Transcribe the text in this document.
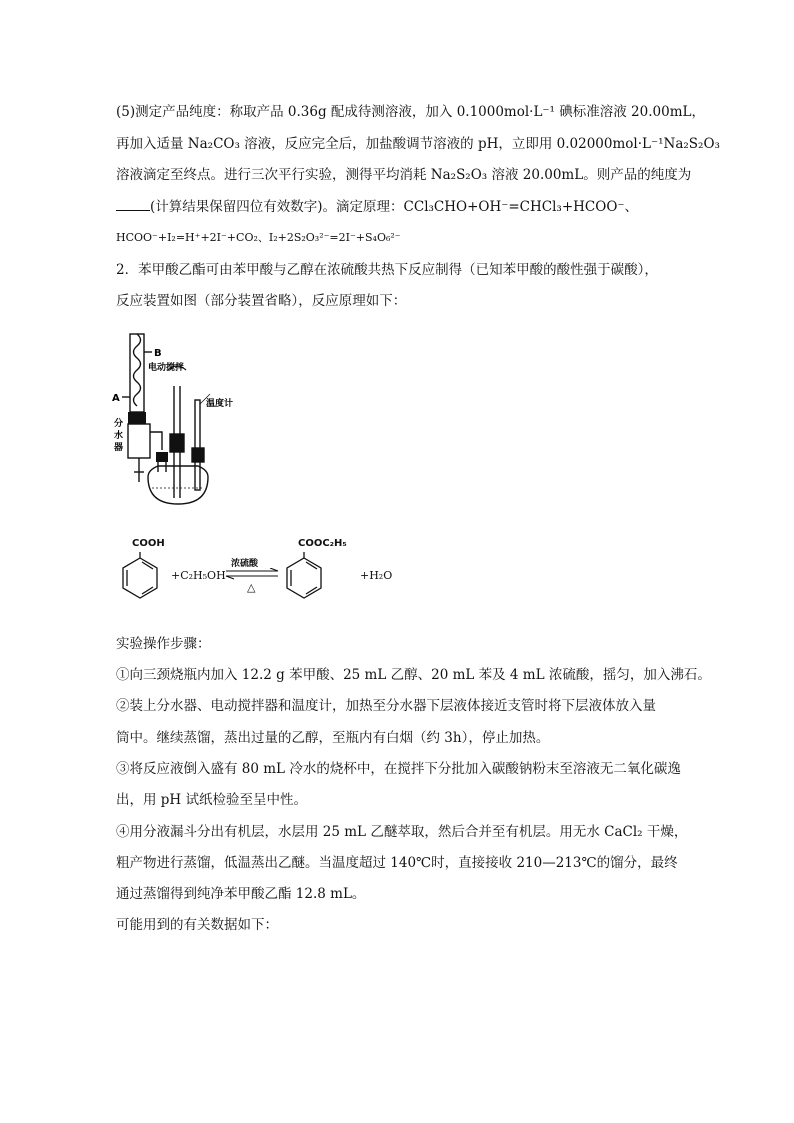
(5)测定产品纯度：称取产品 0.36g 配成待测溶液，加入 0.1000mol·L⁻¹ 碘标准溶液 20.00mL，
再加入适量 Na₂CO₃ 溶液，反应完全后，加盐酸调节溶液的 pH，立即用 0.02000mol·L⁻¹Na₂S₂O₃
溶液滴定至终点。进行三次平行实验，测得平均消耗 Na₂S₂O₃ 溶液 20.00mL。则产品的纯度为
(计算结果保留四位有效数字)。滴定原理：CCl₃CHO+OH⁻=CHCl₃+HCOO⁻、
HCOO⁻+I₂=H⁺+2I⁻+CO₂、I₂+2S₂O₃²⁻=2I⁻+S₄O₆²⁻
2．苯甲酸乙酯可由苯甲酸与乙醇在浓硫酸共热下反应制得（已知苯甲酸的酸性强于碳酸），
反应装置如图（部分装置省略），反应原理如下：
B
A
电动搅拌
温度计
分水器
COOH
+C₂H₅OH
浓硫酸
△
COOC₂H₅
+H₂O
实验操作步骤：
①向三颈烧瓶内加入 12.2 g 苯甲酸、25 mL 乙醇、20 mL 苯及 4 mL 浓硫酸，摇匀，加入沸石。
②装上分水器、电动搅拌器和温度计，加热至分水器下层液体接近支管时将下层液体放入量
筒中。继续蒸馏，蒸出过量的乙醇，至瓶内有白烟（约 3h），停止加热。
③将反应液倒入盛有 80 mL 冷水的烧杯中，在搅拌下分批加入碳酸钠粉末至溶液无二氧化碳逸
出，用 pH 试纸检验至呈中性。
④用分液漏斗分出有机层，水层用 25 mL 乙醚萃取，然后合并至有机层。用无水 CaCl₂ 干燥，
粗产物进行蒸馏，低温蒸出乙醚。当温度超过 140℃时，直接接收 210—213℃的馏分，最终
通过蒸馏得到纯净苯甲酸乙酯 12.8 mL。
可能用到的有关数据如下：
